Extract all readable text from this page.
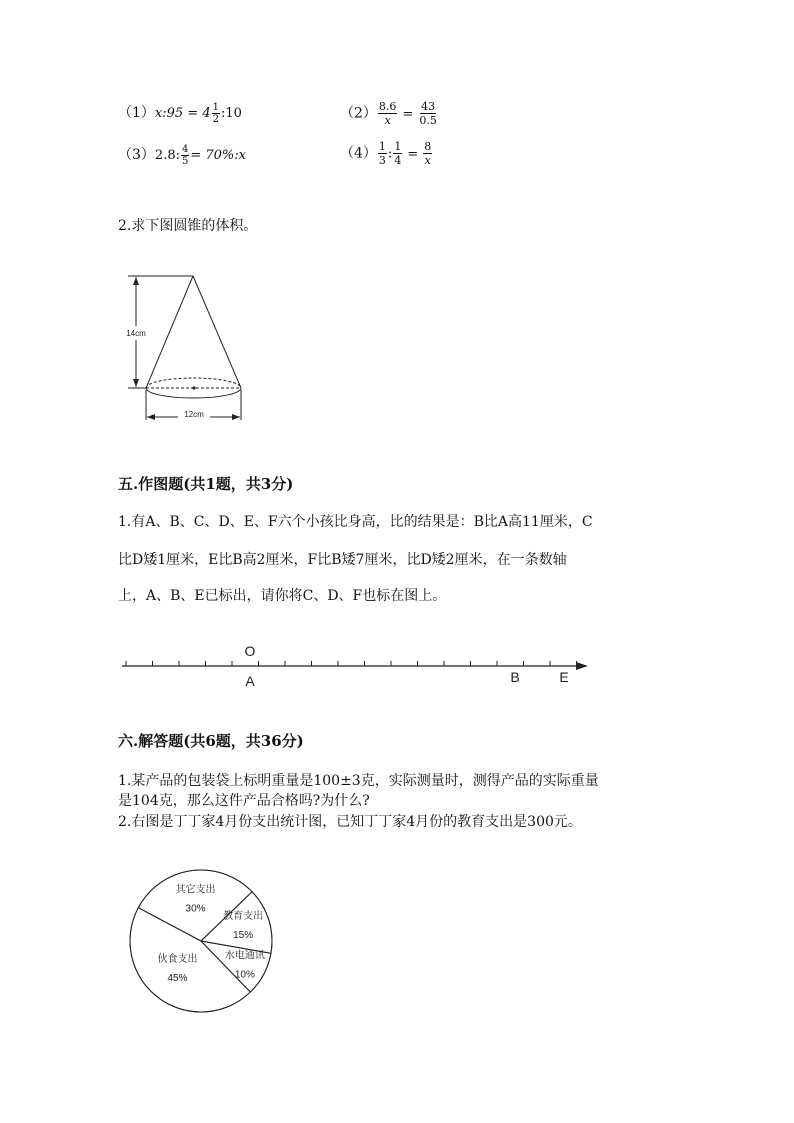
（1）x:95 = $4 \frac{1}{2}$ :10	$(2) \frac{8.6}{x} = \frac{43}{0.5}$
（3）2.8: $\frac{4}{5}$ = 70%:x	$(4) \frac{1}{3}$ : $\frac{1}{4} = \frac{8}{x}$
2.求下图圆锥的体积。
14cm
12cm
五.作图题(共1题，共3分)
1.有A、B、C、D、E、F六个小孩比身高，比的结果是：B比A高11厘米，C
比D矮1厘米，E比B高2厘米，F比B矮7厘米，比D矮2厘米，在一条数轴
上，A、B、E已标出，请你将C、D、F也标在图上。
O
A	B	E
六.解答题(共6题，共36分)
1.某产品的包装袋上标明重量是100±3克，实际测量时，测得产品的实际重量
是104克，那么这件产品合格吗?为什么?
2.右图是丁丁家4月份支出统计图，已知丁丁家4月份的教育支出是300元。
其它支出
30%
教育支出
15%
水电通讯
10%
伙食支出
45%
